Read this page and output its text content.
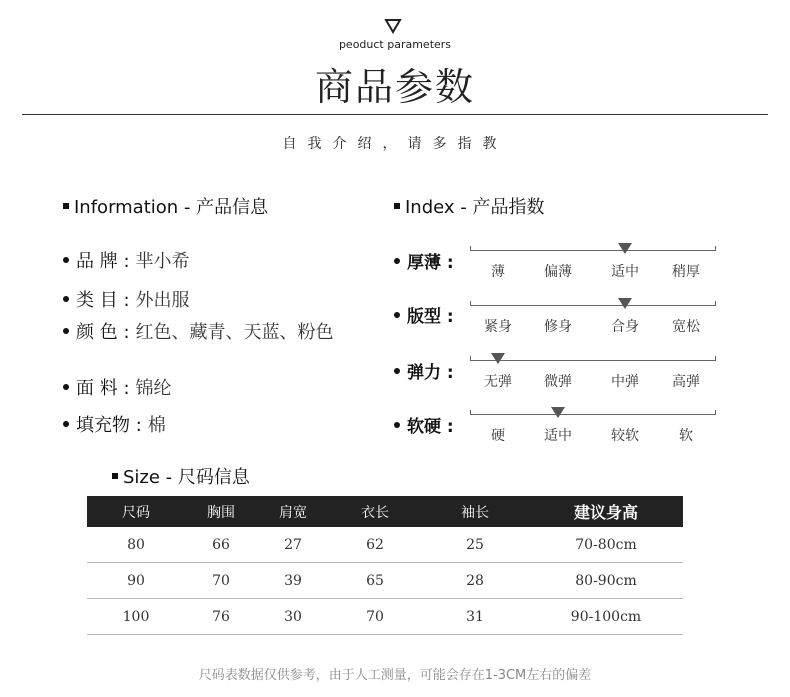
peoduct parameters
商品参数
自我介绍，请多指教
Information - 产品信息
品 牌 : 芈小希
类 目 : 外出服
颜 色 : 红色、藏青、天蓝、粉色
面 料 : 锦纶
填充物 : 棉
Index - 产品指数
厚薄 :	薄	偏薄	适中 稍厚
版型 : 紧身 修身	合身 宽松
弹力 : 无弹 微弹	中弹 高弹
软硬 :	硬	适中	较软	软
Size - 尺码信息
尺码	胸围	肩宽	衣长	袖长	建议身高
80	66	27	62	25	70-80cm
90	70	39	65	28	80-90cm
100	76	30	70	31	90-100cm
尺码表数据仅供参考，由于人工测量，可能会存在1-3CM左右的偏差
